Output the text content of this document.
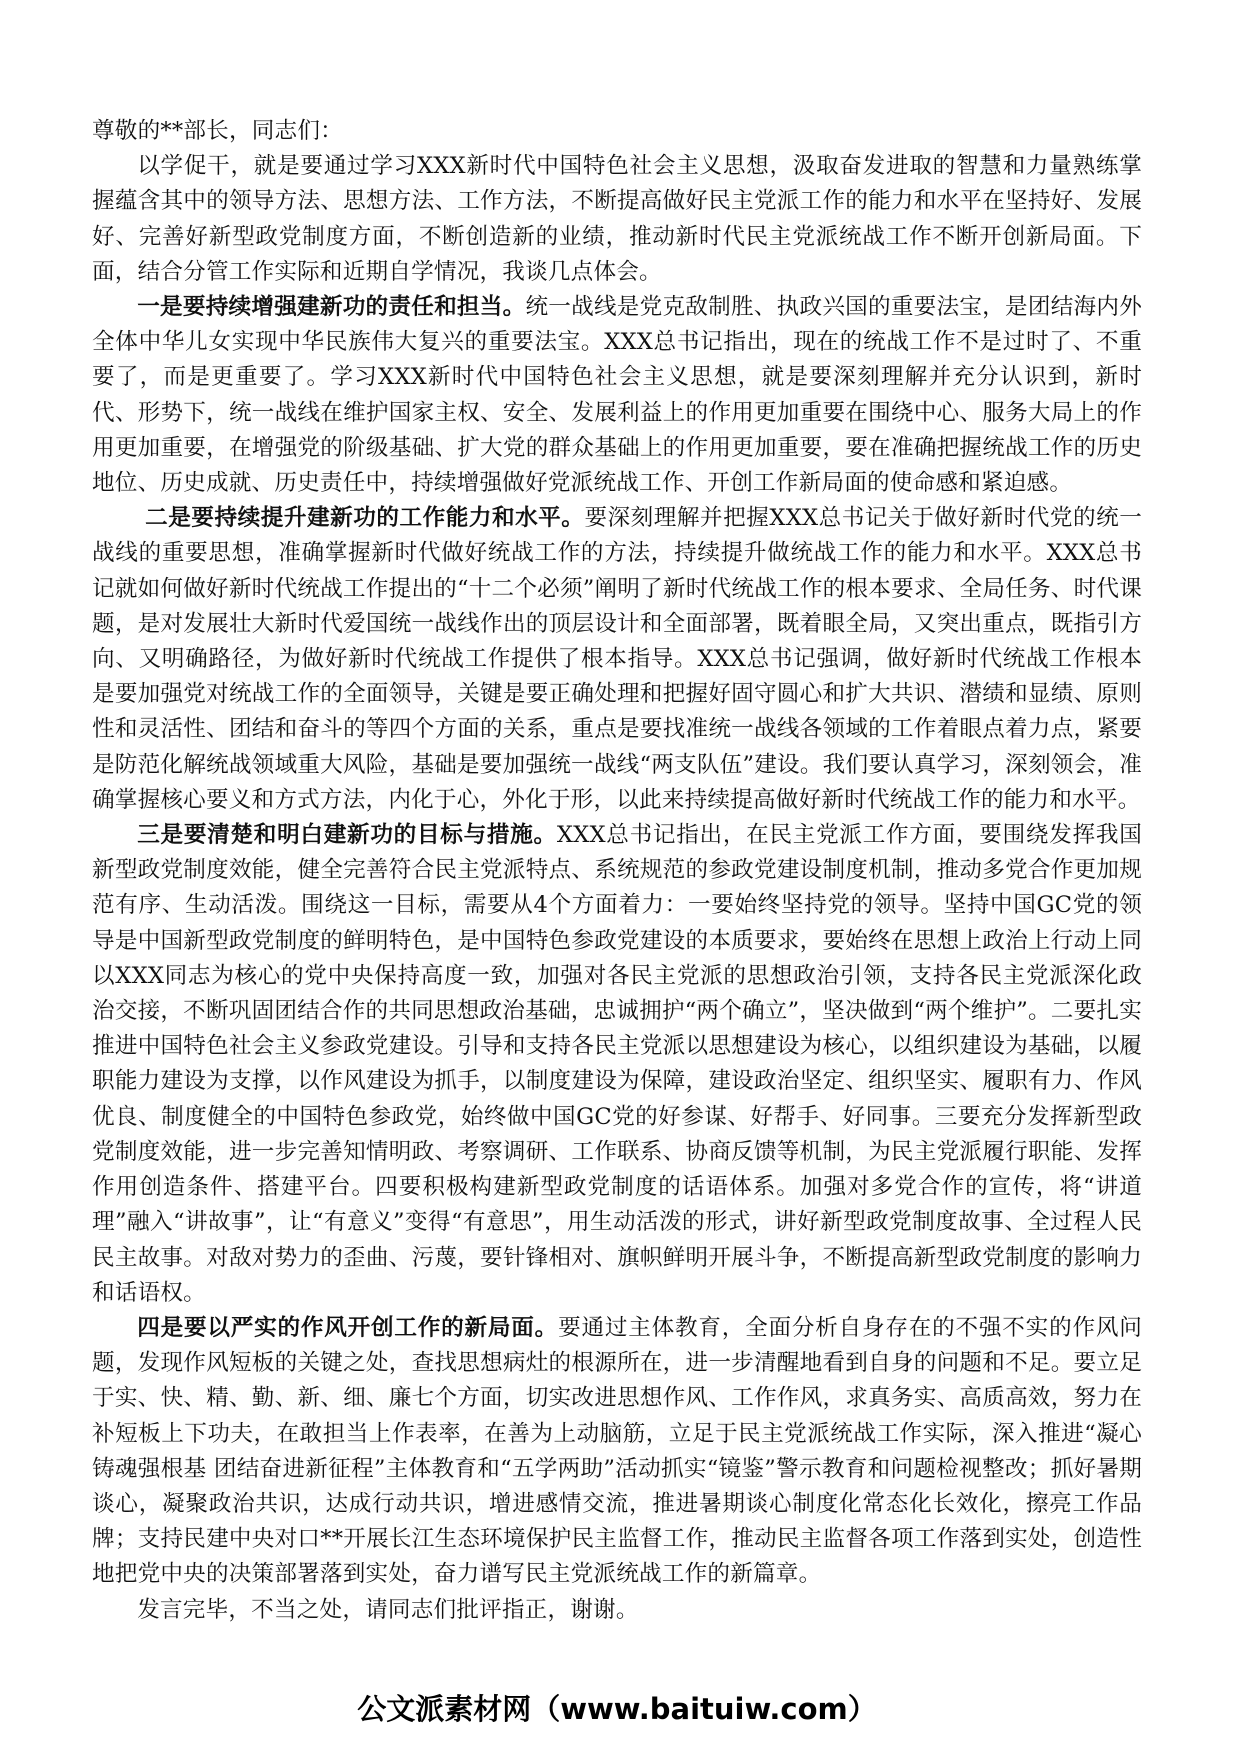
尊敬的**部长，同志们：

以学促干，就是要通过学习XXX新时代中国特色社会主义思想，汲取奋发进取的智慧和力量熟练掌握蕴含其中的领导方法、思想方法、工作方法，不断提高做好民主党派工作的能力和水平在坚持好、发展好、完善好新型政党制度方面，不断创造新的业绩，推动新时代民主党派统战工作不断开创新局面。下面，结合分管工作实际和近期自学情况，我谈几点体会。

一是要持续增强建新功的责任和担当。统一战线是党克敌制胜、执政兴国的重要法宝，是团结海内外全体中华儿女实现中华民族伟大复兴的重要法宝。XXX总书记指出，现在的统战工作不是过时了、不重要了，而是更重要了。学习XXX新时代中国特色社会主义思想，就是要深刻理解并充分认识到，新时代、形势下，统一战线在维护国家主权、安全、发展利益上的作用更加重要在围绕中心、服务大局上的作用更加重要，在增强党的阶级基础、扩大党的群众基础上的作用更加重要，要在准确把握统战工作的历史地位、历史成就、历史责任中，持续增强做好党派统战工作、开创工作新局面的使命感和紧迫感。

二是要持续提升建新功的工作能力和水平。要深刻理解并把握XXX总书记关于做好新时代党的统一战线的重要思想，准确掌握新时代做好统战工作的方法，持续提升做统战工作的能力和水平。XXX总书记就如何做好新时代统战工作提出的“十二个必须”阐明了新时代统战工作的根本要求、全局任务、时代课题，是对发展壮大新时代爱国统一战线作出的顶层设计和全面部署，既着眼全局，又突出重点，既指引方向、又明确路径，为做好新时代统战工作提供了根本指导。XXX总书记强调，做好新时代统战工作根本是要加强党对统战工作的全面领导，关键是要正确处理和把握好固守圆心和扩大共识、潜绩和显绩、原则性和灵活性、团结和奋斗的等四个方面的关系，重点是要找准统一战线各领域的工作着眼点着力点，紧要是防范化解统战领域重大风险，基础是要加强统一战线“两支队伍”建设。我们要认真学习，深刻领会，准确掌握核心要义和方式方法，内化于心，外化于形，以此来持续提高做好新时代统战工作的能力和水平。

三是要清楚和明白建新功的目标与措施。XXX总书记指出，在民主党派工作方面，要围绕发挥我国新型政党制度效能，健全完善符合民主党派特点、系统规范的参政党建设制度机制，推动多党合作更加规范有序、生动活泼。围绕这一目标，需要从4个方面着力：一要始终坚持党的领导。坚持中国GC党的领导是中国新型政党制度的鲜明特色，是中国特色参政党建设的本质要求，要始终在思想上政治上行动上同以XXX同志为核心的党中央保持高度一致，加强对各民主党派的思想政治引领，支持各民主党派深化政治交接，不断巩固团结合作的共同思想政治基础，忠诚拥护“两个确立”，坚决做到“两个维护”。二要扎实推进中国特色社会主义参政党建设。引导和支持各民主党派以思想建设为核心，以组织建设为基础，以履职能力建设为支撑，以作风建设为抓手，以制度建设为保障，建设政治坚定、组织坚实、履职有力、作风优良、制度健全的中国特色参政党，始终做中国GC党的好参谋、好帮手、好同事。三要充分发挥新型政党制度效能，进一步完善知情明政、考察调研、工作联系、协商反馈等机制，为民主党派履行职能、发挥作用创造条件、搭建平台。四要积极构建新型政党制度的话语体系。加强对多党合作的宣传，将“讲道理”融入“讲故事”，让“有意义”变得“有意思”，用生动活泼的形式，讲好新型政党制度故事、全过程人民民主故事。对敌对势力的歪曲、污蔑，要针锋相对、旗帜鲜明开展斗争，不断提高新型政党制度的影响力和话语权。

四是要以严实的作风开创工作的新局面。要通过主体教育，全面分析自身存在的不强不实的作风问题，发现作风短板的关键之处，查找思想病灶的根源所在，进一步清醒地看到自身的问题和不足。要立足于实、快、精、勤、新、细、廉七个方面，切实改进思想作风、工作作风，求真务实、高质高效，努力在补短板上下功夫，在敢担当上作表率，在善为上动脑筋，立足于民主党派统战工作实际，深入推进“凝心铸魂强根基 团结奋进新征程”主体教育和“五学两助”活动抓实“镜鉴”警示教育和问题检视整改；抓好暑期谈心，凝聚政治共识，达成行动共识，增进感情交流，推进暑期谈心制度化常态化长效化，擦亮工作品牌；支持民建中央对口**开展长江生态环境保护民主监督工作，推动民主监督各项工作落到实处，创造性地把党中央的决策部署落到实处，奋力谱写民主党派统战工作的新篇章。

发言完毕，不当之处，请同志们批评指正，谢谢。

公文派素材网（www.baituiw.com）
